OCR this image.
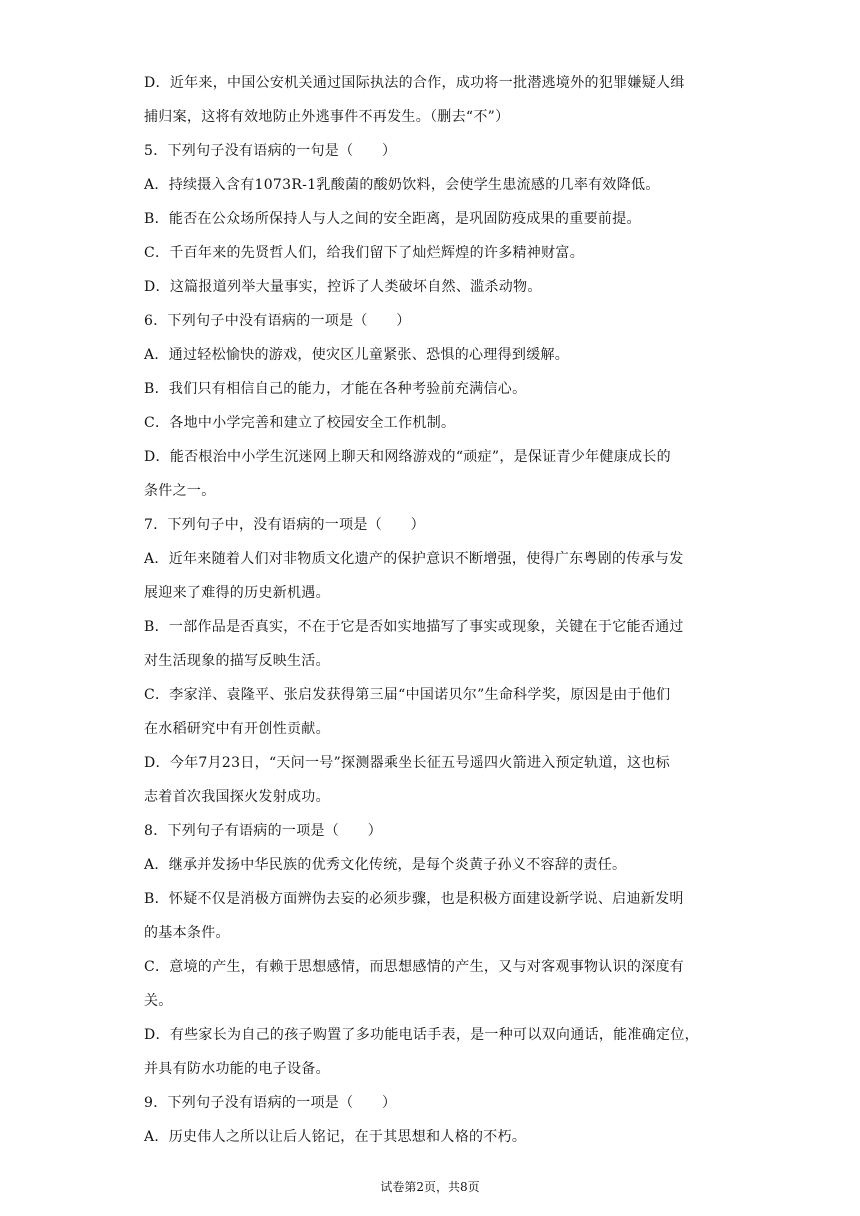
D．近年来，中国公安机关通过国际执法的合作，成功将一批潜逃境外的犯罪嫌疑人缉
捕归案，这将有效地防止外逃事件不再发生。（删去“不”）
5．下列句子没有语病的一句是（　　）
A．持续摄入含有1073R-1乳酸菌的酸奶饮料，会使学生患流感的几率有效降低。
B．能否在公众场所保持人与人之间的安全距离，是巩固防疫成果的重要前提。
C．千百年来的先贤哲人们，给我们留下了灿烂辉煌的许多精神财富。
D．这篇报道列举大量事实，控诉了人类破坏自然、滥杀动物。
6．下列句子中没有语病的一项是（　　）
A．通过轻松愉快的游戏，使灾区儿童紧张、恐惧的心理得到缓解。
B．我们只有相信自己的能力，才能在各种考验前充满信心。
C．各地中小学完善和建立了校园安全工作机制。
D．能否根治中小学生沉迷网上聊天和网络游戏的“顽症”，是保证青少年健康成长的
条件之一。
7．下列句子中，没有语病的一项是（　　）
A．近年来随着人们对非物质文化遗产的保护意识不断增强，使得广东粤剧的传承与发
展迎来了难得的历史新机遇。
B．一部作品是否真实，不在于它是否如实地描写了事实或现象，关键在于它能否通过
对生活现象的描写反映生活。
C．李家洋、袁隆平、张启发获得第三届“中国诺贝尔”生命科学奖，原因是由于他们
在水稻研究中有开创性贡献。
D．今年7月23日，“天问一号”探测器乘坐长征五号遥四火箭进入预定轨道，这也标
志着首次我国探火发射成功。
8．下列句子有语病的一项是（　　）
A．继承并发扬中华民族的优秀文化传统，是每个炎黄子孙义不容辞的责任。
B．怀疑不仅是消极方面辨伪去妄的必须步骤，也是积极方面建设新学说、启迪新发明
的基本条件。
C．意境的产生，有赖于思想感情，而思想感情的产生，又与对客观事物认识的深度有
关。
D．有些家长为自己的孩子购置了多功能电话手表，是一种可以双向通话，能准确定位，
并具有防水功能的电子设备。
9．下列句子没有语病的一项是（　　）
A．历史伟人之所以让后人铭记，在于其思想和人格的不朽。
试卷第2页，共8页
